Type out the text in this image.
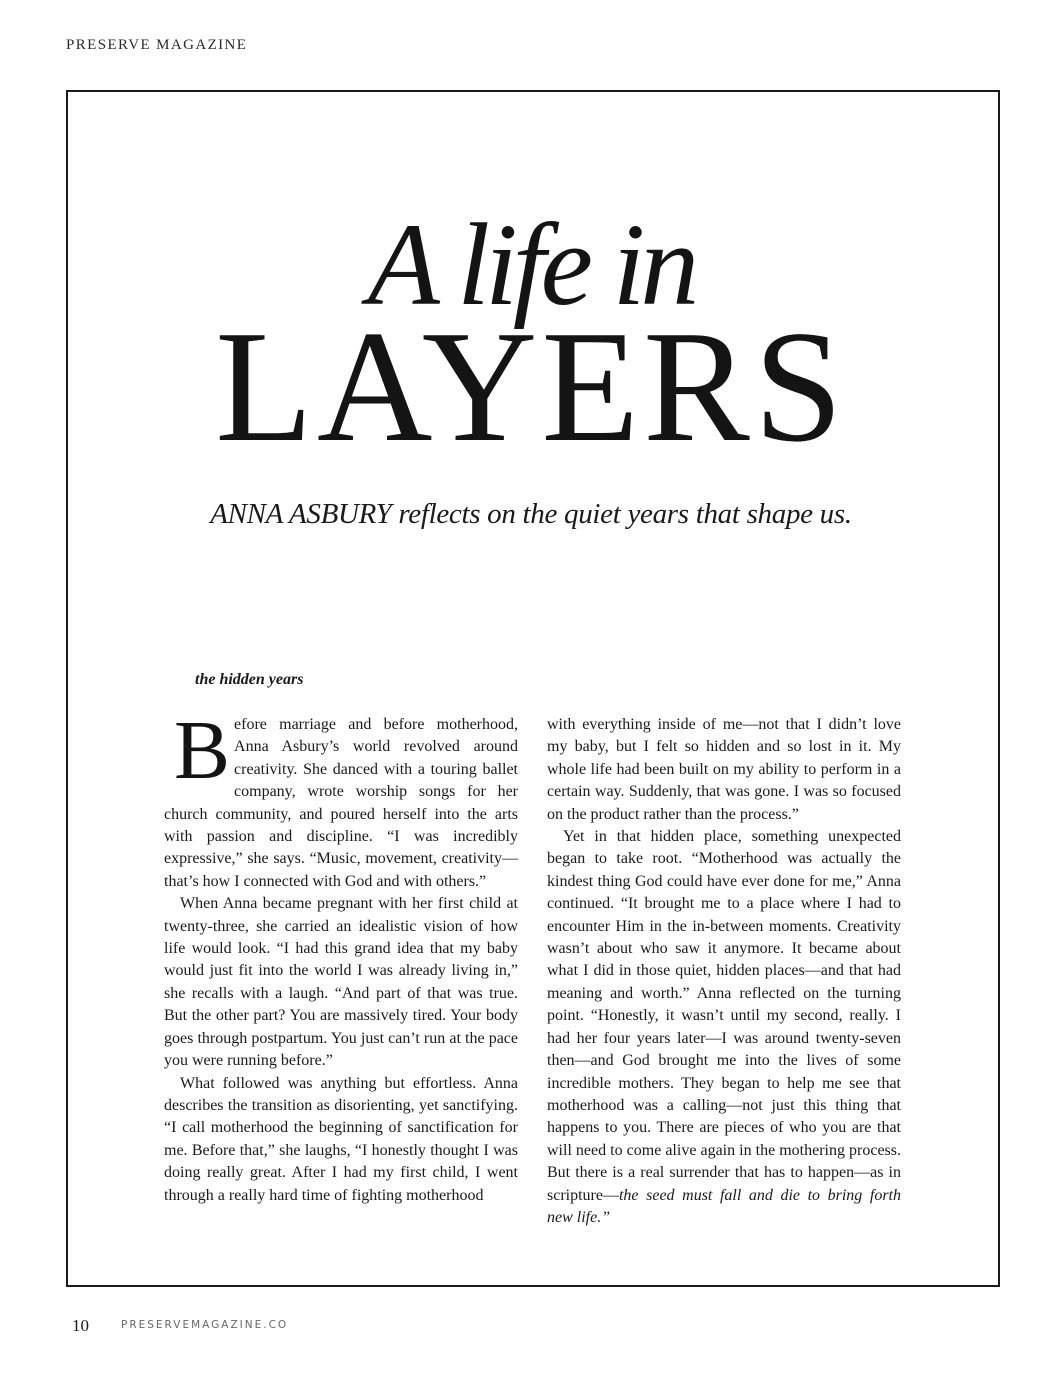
PRESERVE MAGAZINE
A life in
LAYERS
ANNA ASBURY reflects on the quiet years that shape us.
the hidden years

Before marriage and before motherhood, Anna Asbury’s world revolved around creativity. She danced with a touring ballet company, wrote worship songs for her church community, and poured herself into the arts with passion and discipline. “I was incredibly expressive,” she says. “Music, movement, creativity—that’s how I connected with God and with others.”

When Anna became pregnant with her first child at twenty-three, she carried an idealistic vision of how life would look. “I had this grand idea that my baby would just fit into the world I was already living in,” she recalls with a laugh. “And part of that was true. But the other part? You are massively tired. Your body goes through postpartum. You just can’t run at the pace you were running before.”

What followed was anything but effortless. Anna describes the transition as disorienting, yet sanctifying. “I call motherhood the beginning of sanctification for me. Before that,” she laughs, “I honestly thought I was doing really great. After I had my first child, I went through a really hard time of fighting motherhood

with everything inside of me—not that I didn’t love my baby, but I felt so hidden and so lost in it. My whole life had been built on my ability to perform in a certain way. Suddenly, that was gone. I was so focused on the product rather than the process.”

Yet in that hidden place, something unexpected began to take root. “Motherhood was actually the kindest thing God could have ever done for me,” Anna continued. “It brought me to a place where I had to encounter Him in the in-between moments. Creativity wasn’t about who saw it anymore. It became about what I did in those quiet, hidden places—and that had meaning and worth.” Anna reflected on the turning point. “Honestly, it wasn’t until my second, really. I had her four years later—I was around twenty-seven then—and God brought me into the lives of some incredible mothers. They began to help me see that motherhood was a calling—not just this thing that happens to you. There are pieces of who you are that will need to come alive again in the mothering process. But there is a real surrender that has to happen—as in scripture—the seed must fall and die to bring forth new life.”

10	PRESERVEMAGAZINE.CO
